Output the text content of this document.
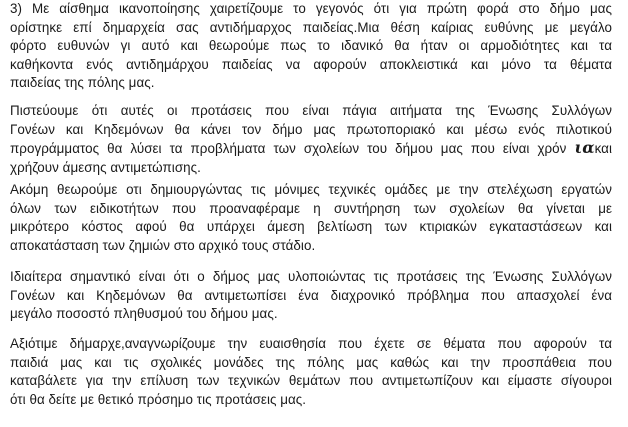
3) Με αίσθημα ικανοποίησης χαιρετίζουμε το γεγονός ότι για πρώτη φορά στο δήμο μας
ορίστηκε επί δημαρχεία σας αντιδήμαρχος παιδείας.Μια θέση καίριας ευθύνης με μεγάλο
φόρτο ευθυνών γι αυτό και θεωρούμε πως το ιδανικό θα ήταν οι αρμοδιότητες και τα
καθήκοντα ενός αντιδημάρχου παιδείας να αφορούν αποκλειστικά και μόνο τα θέματα
παιδείας της πόλης μας.

Πιστεύουμε ότι αυτές οι προτάσεις που είναι πάγια αιτήματα της Ένωσης Συλλόγων
Γονέων και Κηδεμόνων θα κάνει τον δήμο μας πρωτοποριακό και μέσω ενός πιλοτικού
προγράμματος θα λύσει τα προβλήματα των σχολείων του δήμου μας που είναι χρόν ιακαι
χρήζουν άμεσης αντιμετώπισης.

Ακόμη θεωρούμε οτι δημιουργώντας τις μόνιμες τεχνικές ομάδες με την στελέχωση εργατών
όλων των ειδικοτήτων που προαναφέραμε η συντήρηση των σχολείων θα γίνεται με
μικρότερο κόστος αφού θα υπάρχει άμεση βελτίωση των κτιριακών εγκαταστάσεων και
αποκατάσταση των ζημιών στο αρχικό τους στάδιο.

Ιδιαίτερα σημαντικό είναι ότι ο δήμος μας υλοποιώντας τις προτάσεις της Ένωσης Συλλόγων
Γονέων και Κηδεμόνων θα αντιμετωπίσει ένα διαχρονικό πρόβλημα που απασχολεί ένα
μεγάλο ποσοστό πληθυσμού του δήμου μας.

Αξιότιμε δήμαρχε,αναγνωρίζουμε την ευαισθησία που έχετε σε θέματα που αφορούν τα
παιδιά μας και τις σχολικές μονάδες της πόλης μας καθώς και την προσπάθεια που
καταβάλετε για την επίλυση των τεχνικών θεμάτων που αντιμετωπίζουν και είμαστε σίγουροι
ότι θα δείτε με θετικό πρόσημο τις προτάσεις μας.
